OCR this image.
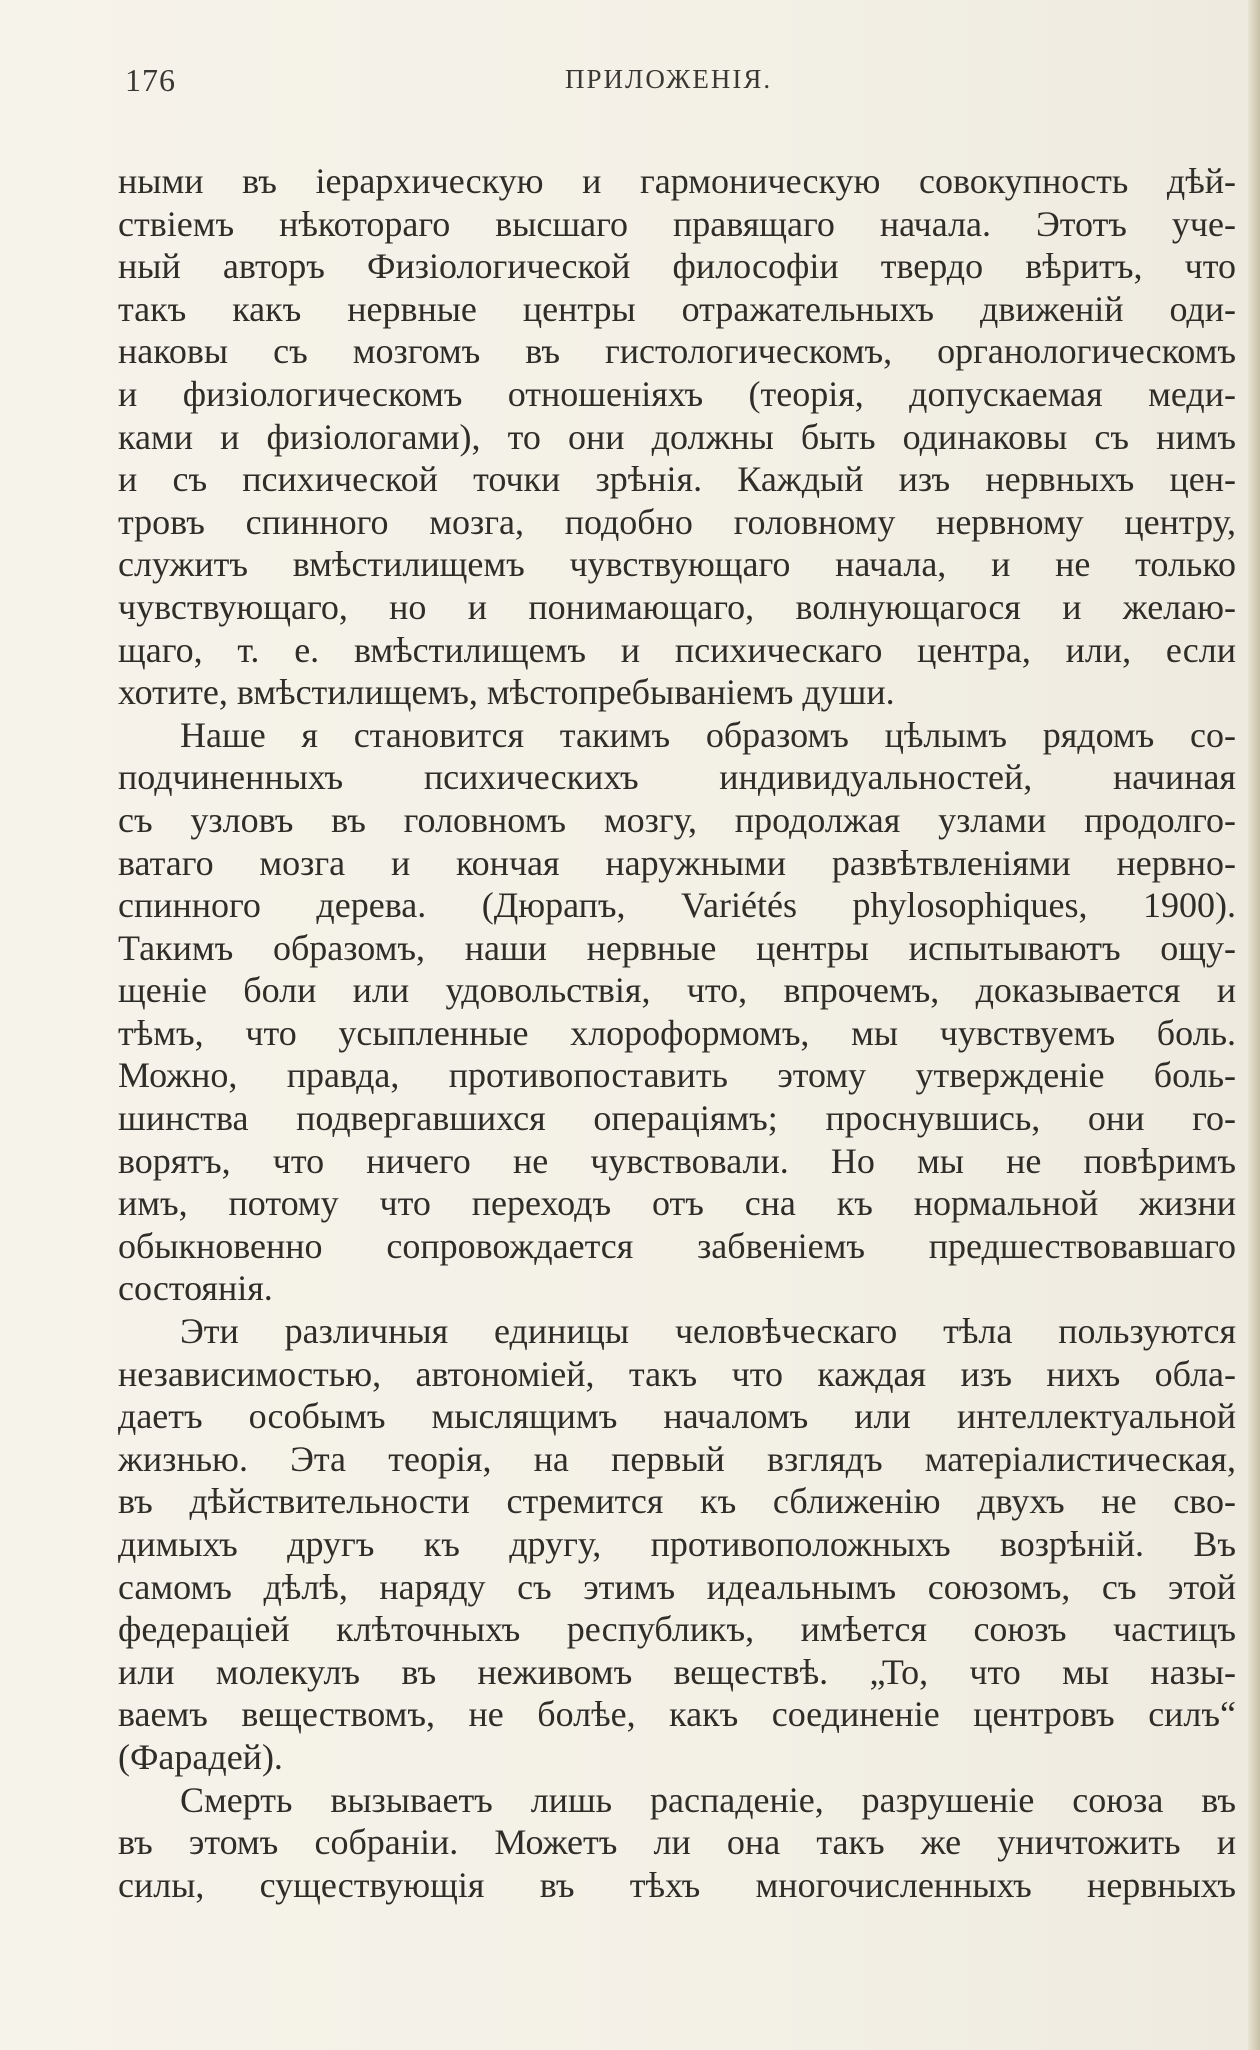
176	ПРИЛОЖЕНІЯ.
ными въ іерархическую и гармоническую совокупность дѣй-
ствіемъ нѣкотораго высшаго правящаго начала. Этотъ уче-
ный авторъ Физіологической философіи твердо вѣритъ, что
такъ какъ нервные центры отражательныхъ движеній оди-
наковы съ мозгомъ въ гистологическомъ, органологическомъ
и физіологическомъ отношеніяхъ (теорія, допускаемая меди-
ками и физіологами), то они должны быть одинаковы съ нимъ
и съ психической точки зрѣнія. Каждый изъ нервныхъ цен-
тровъ спинного мозга, подобно головному нервному центру,
служитъ вмѣстилищемъ чувствующаго начала, и не только
чувствующаго, но и понимающаго, волнующагося и желаю-
щаго, т. е. вмѣстилищемъ и психическаго центра, или, если
хотите, вмѣстилищемъ, мѣстопребываніемъ души.
Наше я становится такимъ образомъ цѣлымъ рядомъ со-
подчиненныхъ психическихъ индивидуальностей, начиная
съ узловъ въ головномъ мозгу, продолжая узлами продолго-
ватаго мозга и кончая наружными развѣтвленіями нервно-
спинного дерева. (Дюрапъ, Variétés phylosophiques, 1900).
Такимъ образомъ, наши нервные центры испытываютъ ощу-
щеніе боли или удовольствія, что, впрочемъ, доказывается и
тѣмъ, что усыпленные хлороформомъ, мы чувствуемъ боль.
Можно, правда, противопоставить этому утвержденіе боль-
шинства подвергавшихся операціямъ; проснувшись, они го-
ворятъ, что ничего не чувствовали. Но мы не повѣримъ
имъ, потому что переходъ отъ сна къ нормальной жизни
обыкновенно сопровождается забвеніемъ предшествовавшаго
состоянія.
Эти различныя единицы человѣческаго тѣла пользуются
независимостью, автономіей, такъ что каждая изъ нихъ обла-
даетъ особымъ мыслящимъ началомъ или интеллектуальной
жизнью. Эта теорія, на первый взглядъ матеріалистическая,
въ дѣйствительности стремится къ сближенію двухъ не сво-
димыхъ другъ къ другу, противоположныхъ возрѣній. Въ
самомъ дѣлѣ, наряду съ этимъ идеальнымъ союзомъ, съ этой
федераціей клѣточныхъ республикъ, имѣется союзъ частицъ
или молекулъ въ неживомъ веществѣ. „То, что мы назы-
ваемъ веществомъ, не болѣе, какъ соединеніе центровъ силъ“
(Фарадей).
Смерть вызываетъ лишь распаденіе, разрушеніе союза въ
въ этомъ собраніи. Можетъ ли она такъ же уничтожить и
силы, существующія въ тѣхъ многочисленныхъ нервныхъ
